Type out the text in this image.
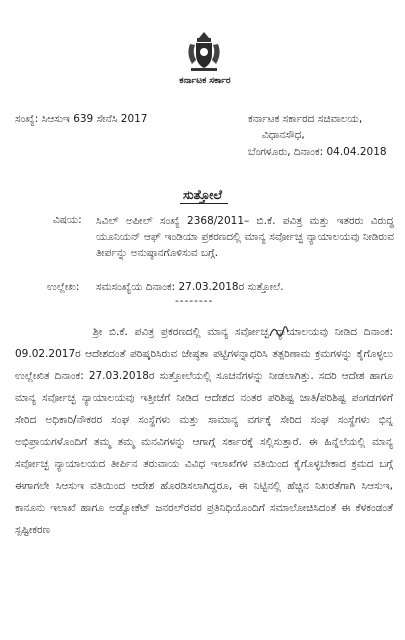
ಕರ್ನಾಟಕ ಸರ್ಕಾರ
ಸಂಖ್ಯೆ: ಸಿಆಸುಇ 639 ಸೇನೆಸಿ 2017	ಕರ್ನಾಟಕ ಸರ್ಕಾರದ ಸಚಿವಾಲಯ,
ವಿಧಾನಸೌಧ,
ಬೆಂಗಳೂರು, ದಿನಾಂಕ: 04.04.2018
ಸುತ್ತೋಲೆ
ವಿಷಯ: ಸಿವಿಲ್ ಅಪೀಲ್ ಸಂಖ್ಯೆ 2368/2011– ಬಿ.ಕೆ. ಪವಿತ್ರ ಮತ್ತು ಇತರರು ವಿರುದ್ಧ ಯೂನಿಯನ್ ಆಫ್ ಇಂಡಿಯಾ ಪ್ರಕರಣದಲ್ಲಿ ಮಾನ್ಯ ಸರ್ವೋಚ್ಛ ನ್ಯಾಯಾಲಯವು ನೀಡಿರುವ ತೀರ್ಪನ್ನು ಅನುಷ್ಠಾನಗೊಳಿಸುವ ಬಗ್ಗೆ.
ಉಲ್ಲೇಖ: ಸಮಸಂಖ್ಯೆಯ ದಿನಾಂಕ: 27.03.2018ರ ಸುತ್ತೋಲೆ.
--------
ಶ್ರೀ ಬಿ.ಕೆ. ಪವಿತ್ರ ಪ್ರಕರಣದಲ್ಲಿ ಮಾನ್ಯ ಸರ್ವೋಚ್ಛ ನ್ಯಾಯಾಲಯವು ನೀಡಿದ ದಿನಾಂಕ: 09.02.2017ರ ಆದೇಶದಂತೆ ಪರಿಷ್ಕರಿಸಿರುವ ಜೇಷ್ಠತಾ ಪಟ್ಟಿಗಳನ್ನಾಧರಿಸಿ ತತ್ಪರಿಣಾಮ ಕ್ರಮಗಳನ್ನು ಕೈಗೊಳ್ಳಲು ಉಲ್ಲೇಖಿತ ದಿನಾಂಕ: 27.03.2018ರ ಸುತ್ತೋಲೆಯಲ್ಲಿ ಸೂಚನೆಗಳನ್ನು ನೀಡಲಾಗಿತ್ತು. ಸದರಿ ಆದೇಶ ಹಾಗೂ ಮಾನ್ಯ ಸರ್ವೋಚ್ಛ ನ್ಯಾಯಾಲಯವು ಇತ್ತೀಚೆಗೆ ನೀಡಿದ ಆದೇಶದ ನಂತರ ಪರಿಶಿಷ್ಟ ಜಾತಿ/ಪರಿಶಿಷ್ಟ ಪಂಗಡಗಳಿಗೆ ಸೇರಿದ ಅಧಿಕಾರಿ/ನೌಕರರ ಸಂಘ ಸಂಸ್ಥೆಗಳು ಮತ್ತು ಸಾಮಾನ್ಯ ವರ್ಗಕ್ಕೆ ಸೇರಿದ ಸಂಘ ಸಂಸ್ಥೆಗಳು ಭಿನ್ನ ಅಭಿಪ್ರಾಯಗಳೊಂದಿಗೆ ತಮ್ಮ ತಮ್ಮ ಮನವಿಗಳನ್ನು ಆಗಾಗ್ಗೆ ಸರ್ಕಾರಕ್ಕೆ ಸಲ್ಲಿಸುತ್ತಾರೆ. ಈ ಹಿನ್ನೆಲೆಯಲ್ಲಿ ಮಾನ್ಯ ಸರ್ವೋಚ್ಛ ನ್ಯಾಯಾಲಯದ ತೀರ್ಪಿನ ತರುವಾಯ ವಿವಿಧ ಇಲಾಖೆಗಳ ವತಿಯಿಂದ ಕೈಗೊಳ್ಳಬೇಕಾದ ಕ್ರಮದ ಬಗ್ಗೆ ಈಗಾಗಲೇ ಸಿಆಸುಇ ವತಿಯಿಂದ ಆದೇಶ ಹೊರಡಿಸಲಾಗಿದ್ದರೂ, ಈ ನಿಟ್ಟಿನಲ್ಲಿ ಹೆಚ್ಚಿನ ನಿಖರತೆಗಾಗಿ ಸಿಆಸುಇ, ಕಾನೂನು ಇಲಾಖೆ ಹಾಗೂ ಅಡ್ವೋಕೆಟ್ ಜನರಲ್‌ರವರ ಪ್ರತಿನಿಧಿಯೊಂದಿಗೆ ಸಮಾಲೋಚಿಸಿದಂತೆ ಈ ಕೆಳಕಂಡಂತೆ ಸ್ಪಷ್ಟೀಕರಣ
